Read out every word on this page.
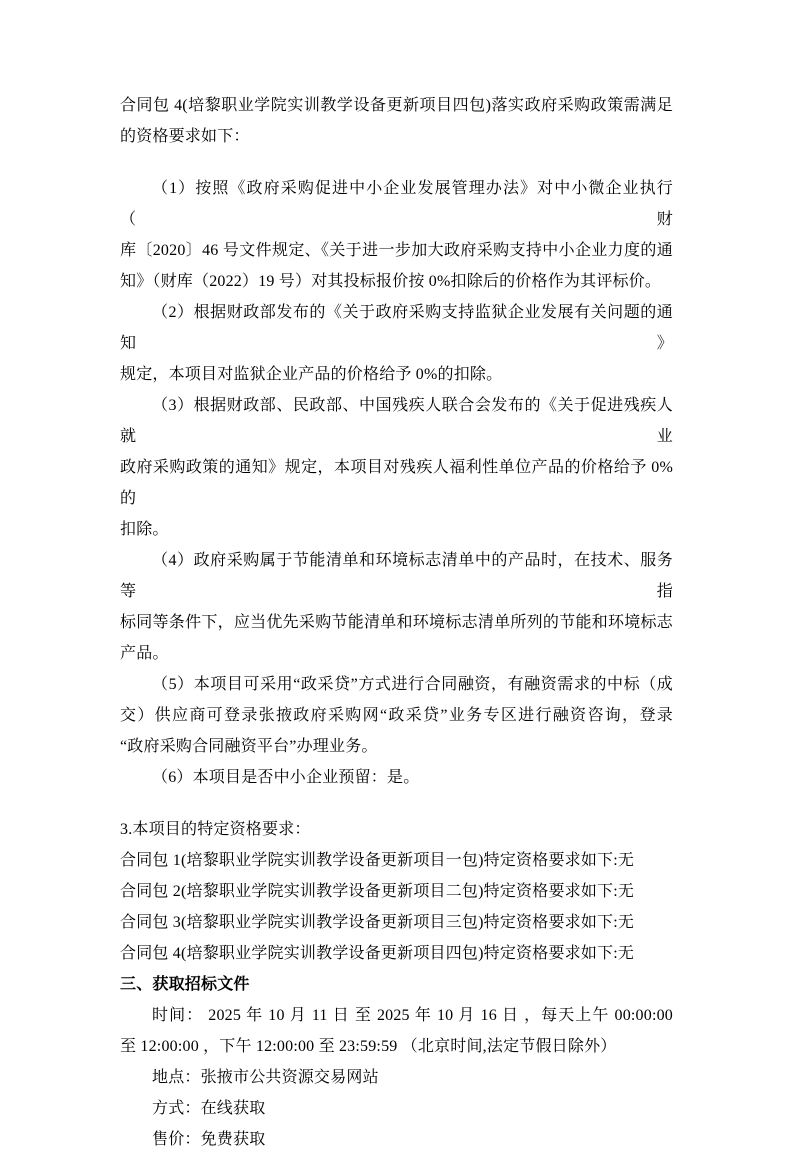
合同包 4(培黎职业学院实训教学设备更新项目四包)落实政府采购政策需满足
的资格要求如下：
（1）按照《政府采购促进中小企业发展管理办法》对中小微企业执行（财
库〔2020〕46 号文件规定、《关于进一步加大政府采购支持中小企业力度的通
知》（财库（2022）19 号）对其投标报价按 0%扣除后的价格作为其评标价。
（2）根据财政部发布的《关于政府采购支持监狱企业发展有关问题的通知》
规定，本项目对监狱企业产品的价格给予 0%的扣除。
（3）根据财政部、民政部、中国残疾人联合会发布的《关于促进残疾人就业
政府采购政策的通知》规定，本项目对残疾人福利性单位产品的价格给予 0%的
扣除。
（4）政府采购属于节能清单和环境标志清单中的产品时，在技术、服务等指
标同等条件下，应当优先采购节能清单和环境标志清单所列的节能和环境标志
产品。
（5）本项目可采用“政采贷”方式进行合同融资，有融资需求的中标（成
交）供应商可登录张掖政府采购网“政采贷”业务专区进行融资咨询，登录
“政府采购合同融资平台”办理业务。
（6）本项目是否中小企业预留：是。
3.本项目的特定资格要求：
合同包 1(培黎职业学院实训教学设备更新项目一包)特定资格要求如下:无
合同包 2(培黎职业学院实训教学设备更新项目二包)特定资格要求如下:无
合同包 3(培黎职业学院实训教学设备更新项目三包)特定资格要求如下:无
合同包 4(培黎职业学院实训教学设备更新项目四包)特定资格要求如下:无
三、获取招标文件
时间： 2025 年 10 月 11 日 至 2025 年 10 月 16 日 ，每天上午 00:00:00
至 12:00:00 ，下午 12:00:00 至 23:59:59 （北京时间,法定节假日除外）
地点：张掖市公共资源交易网站
方式：在线获取
售价：免费获取
